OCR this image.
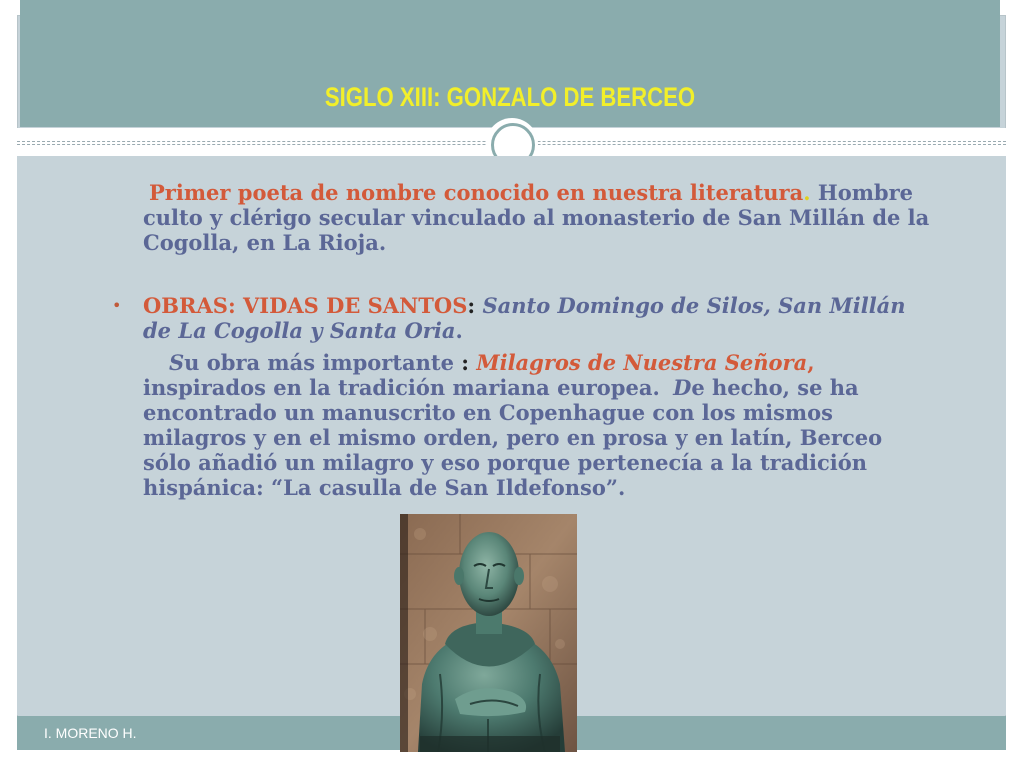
SIGLO XIII: GONZALO DE BERCEO
Primer poeta de nombre conocido en nuestra literatura. Hombre culto y clérigo secular vinculado al monasterio de San Millán de la Cogolla, en La Rioja.
• OBRAS: VIDAS DE SANTOS: Santo Domingo de Silos, San Millán de La Cogolla y Santa Oria.
Su obra más importante : Milagros de Nuestra Señora, inspirados en la tradición mariana europea. De hecho, se ha encontrado un manuscrito en Copenhague con los mismos milagros y en el mismo orden, pero en prosa y en latín, Berceo sólo añadió un milagro y eso porque pertenecía a la tradición hispánica: “La casulla de San Ildefonso”.
I. MORENO H.
